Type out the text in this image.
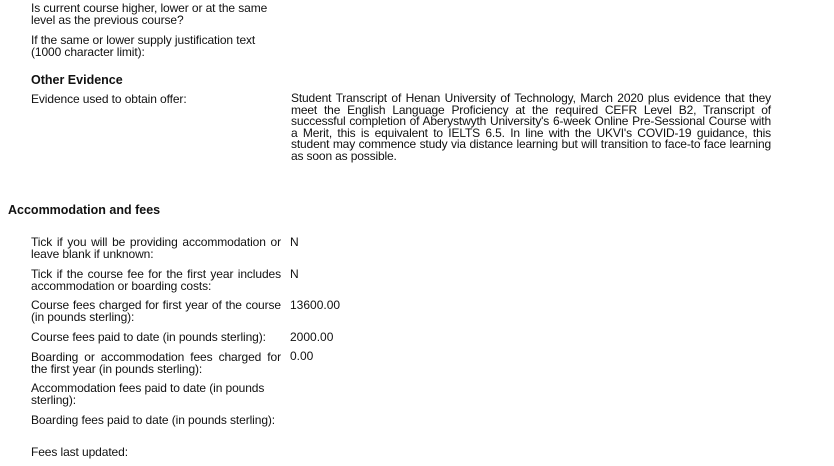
Is current course higher, lower or at the same level as the previous course?
If the same or lower supply justification text (1000 character limit):
Other Evidence
Evidence used to obtain offer:	Student Transcript of Henan University of Technology, March 2020 plus evidence that they meet the English Language Proficiency at the required CEFR Level B2, Transcript of successful completion of Aberystwyth University's 6-week Online Pre-Sessional Course with a Merit, this is equivalent to IELTS 6.5. In line with the UKVI's COVID-19 guidance, this student may commence study via distance learning but will transition to face-to face learning as soon as possible.
Accommodation and fees
Tick if you will be providing accommodation or leave blank if unknown:
N
Tick if the course fee for the first year includes accommodation or boarding costs:
N
Course fees charged for first year of the course (in pounds sterling):
13600.00
Course fees paid to date (in pounds sterling):	2000.00
Boarding or accommodation fees charged for the first year (in pounds sterling):
0.00
Accommodation fees paid to date (in pounds sterling):
Boarding fees paid to date (in pounds sterling):
Fees last updated:
